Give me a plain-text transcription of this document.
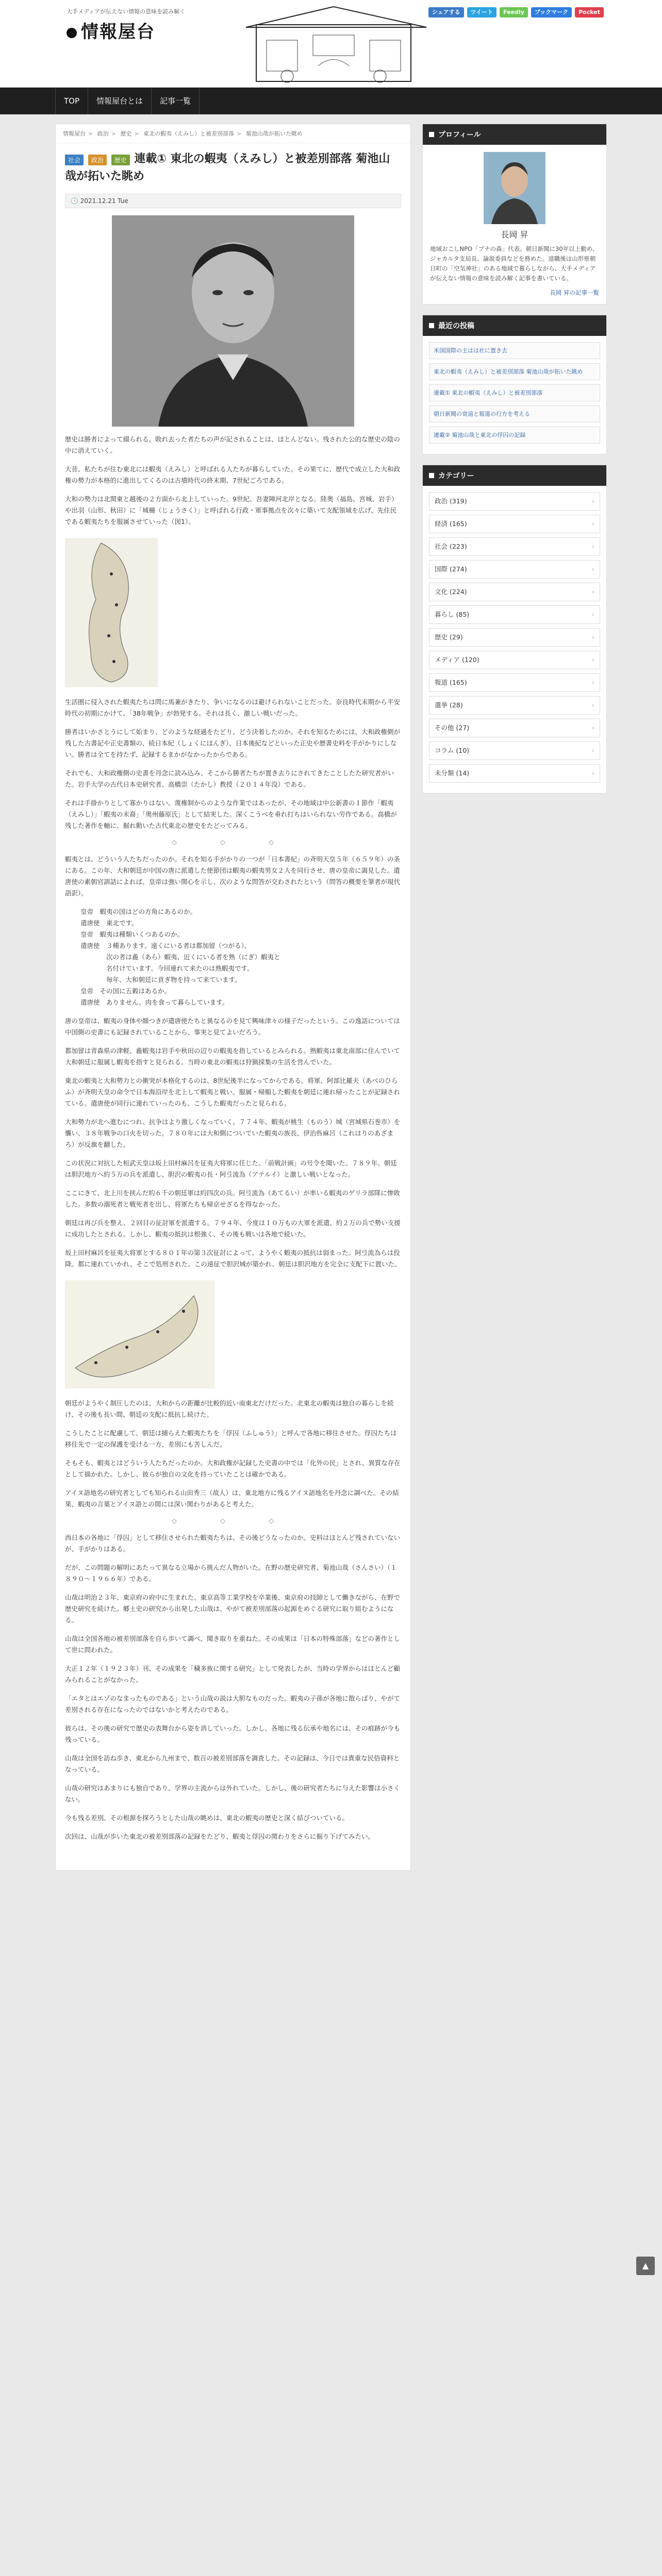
大手メディアが伝えない情報の意味を読み解く
情報屋台
シェアする	ツイート	Feedly	ブックマーク	Pocket
TOP	情報屋台とは	記事一覧
情報屋台 > 政治 > 歴史 > 東北の蝦夷（えみし）と被差別部落 > 菊池山哉が拓いた眺め
社会 政治 歴史 連載① 東北の蝦夷（えみし）と被差別部落 菊池山哉が拓いた眺め
🕓 2021.12.21 Tue

歴史は勝者によって綴られる。敗れ去った者たちの声が記されることは、ほとんどない。残された公的な歴史の陰の中に消えていく。

大昔、私たちが住む東北には蝦夷（えみし）と呼ばれる人たちが暮らしていた。その果てに、歴代で成立した大和政権の勢力が本格的に進出してくるのは古墳時代の終末期、7世紀ごろである。

大和の勢力は北関東と越後の２方面から北上していった。9世紀、吾妻陣河北岸となる。陸奥（福島、宮城、岩手）や出羽（山形、秋田）に「城柵（じょうさく）」と呼ばれる行政・軍事拠点を次々に築いて支配領域を広げ、先住民である蝦夷たちを服属させていった（図1）。

生活圏に侵入された蝦夷たちは問に馬兼がきたり、争いになるのは避けられないことだった。奈良時代末期から平安時代の初期にかけて、「38年戦争」が勃発する。それは長く、激しい戦いだった。

勝者はいかさとうにして始まり、どのような経過をたどり、どう決着したのか。それを知るためには、大和政権側が残した古書記や正史書類の、続日本紀（しょくにほんぎ）、日本後紀などといった正史や歴書史料を手がかりにしない。勝者は全てを持たず、記録するまかがなかったからである。

それでも、大和政権側の史書を丹念に読み込み、そこから勝者たちが置き去りにされてきたことしたた研究者がいた。岩手大学の古代日本史研究者、高橋崇（たかし）教授（２０１４年没）である。

それは手掛かりとして寡かりはない。蔑権制からのような作業ではあったが、その地域は中公新書の１節作「蝦夷（えみし）」「蝦夷の末裔」「奥州藤原氏」として結実した。深くこうべを垂れ打ちはいられない労作である。高橋が残した著作を軸に、掘れ動いた古代東北の歴史をたどってみる。

◇ ◇ ◇

蝦夷とは、どういう人たちだったのか。それを知る手がかりの一つが「日本書紀」の斉明天皇５年（６５９年）の条にある。この年、大和朝廷が中国の唐に派遣した使節団は蝦夷の蝦夷男女２人を同行させ、唐の皇帝に謁見した。遣唐使の素朝官訓話によれば、皇帝は強い関心を示し、次のような問答が交わされたという（問答の概要を筆者が現代語訳）。

皇帝　蝦夷の国はどの方角にあるのか。
遣唐使　東北です。
皇帝　蝦夷は種類いくつあるのか。
遣唐使　３種あります。遠くにいる者は都加留（つがる）、
　　　　次の者は麁（あら）蝦夷、近くにいる者を熟（にぎ）蝦夷と
　　　　名付けています。今回連れて来たのは熟蝦夷です。
　　　　毎年、大和朝廷に貢ぎ物を持って来ています。
皇帝　その国に五穀はあるか。
遣唐使　ありません。肉を食って暮らしています。

唐の皇帝は、蝦夷の身体や顔つきが遣唐使たちと異なるのを見て興味津々の様子だったという。この逸話については中国側の史書にも記録されていることから、事実と見てよいだろう。

都加留は青森県の津軽、麁蝦夷は岩手や秋田の辺りの蝦夷を指しているとみられる。熟蝦夷は東北南部に住んでいて大和朝廷に服属し蝦夷を指すと見られる。当時の東北の蝦夷は狩猟採集の生活を営んでいた。

東北の蝦夷と大和勢力との衝突が本格化するのは、8世紀後半になってからである。将軍、阿部比羅夫（あべのひらふ）が斉明天皇の命令で日本海沿岸を北上して蝦夷と戦い、服属・帰順した蝦夷を朝廷に連れ帰ったことが記録されている。遣唐使が同行に連れていったのも、こうした蝦夷だったと見られる。

大和勢力が北へ進むにつれ、抗争はより激しくなっていく。７７４年、蝦夷が桃生（ものう）城（宮城県石巻市）を襲い、３８年戦争の口火を切った。７８０年には大和側についていた蝦夷の族長、伊治呰麻呂（これはりのあざまろ）が反旗を翻した。

この状況に対抗した桓武天皇は坂上田村麻呂を征夷大将軍に任じた。「前戦計画」の号令を聞いた。７８９年、朝廷は胆沢地方へ約５万の兵を派遣し、胆沢の蝦夷の長・阿弖流為（アテルイ）と激しい戦いとなった。

ここにきて、北上川を挟んだ約６千の朝廷軍は約四次の兵。阿弖流為（あてるい）が率いる蝦夷のゲリラ部隊に惨敗した。多数の溺死者と戦死者を出し、将軍たちも帰京せざるを得なかった。

朝廷は再び兵を整え、２回目の征討軍を派遣する。７９４年、今度は１０万もの大軍を派遣、約２万の兵で勢い支援に成功したとされる。しかし、蝦夷の抵抗は根強く、その後も戦いは各地で続いた。

坂上田村麻呂を征夷大将軍とする８０１年の第３次征討によって、ようやく蝦夷の抵抗は弱まった。阿弖流為らは投降。都に連れていかれ、そこで処刑された。この遠征で胆沢城が築かれ、朝廷は胆沢地方を完全に支配下に置いた。

朝廷がようやく制圧したのは、大和からの距離が比較的近い南東北だけだった。北東北の蝦夷は独自の暮らしを続け、その後も長い間、朝廷の支配に抵抗し続けた。

こうしたことに配慮して、朝廷は捕らえた蝦夷たちを「俘囚（ふしゅう）」と呼んで各地に移住させた。俘囚たちは移住先で一定の保護を受ける一方、差別にも苦しんだ。

そもそも、蝦夷とはどういう人たちだったのか。大和政権が記録した史書の中では「化外の民」とされ、異質な存在として描かれた。しかし、彼らが独自の文化を持っていたことは確かである。

アイヌ語地名の研究者としても知られる山田秀三（故人）は、東北地方に残るアイヌ語地名を丹念に調べた。その結果、蝦夷の言葉とアイヌ語との間には深い関わりがあると考えた。

◇ ◇ ◇

西日本の各地に「俘囚」として移住させられた蝦夷たちは、その後どうなったのか。史料はほとんど残されていないが、手がかりはある。

だが、この問題の解明にあたって異なる立場から挑んだ人物がいた。在野の歴史研究者、菊池山哉（さんさい）（１８９０〜１９６６年）である。

山哉は明治２３年、東京府の府中に生まれた。東京高等工業学校を卒業後、東京府の技師として働きながら、在野で歴史研究を続けた。郷土史の研究から出発した山哉は、やがて被差別部落の起源をめぐる研究に取り組むようになる。

山哉は全国各地の被差別部落を自ら歩いて調べ、聞き取りを重ねた。その成果は「日本の特殊部落」などの著作として世に問われた。

大正１２年（１９２３年）刊、その成果を「穢多族に関する研究」として発表したが、当時の学界からはほとんど顧みられることがなかった。

「エタとはエゾのなまったものである」という山哉の説は大胆なものだった。蝦夷の子孫が各地に散らばり、やがて差別される存在になったのではないかと考えたのである。

彼らは、その後の研究で歴史の表舞台から姿を消していった。しかし、各地に残る伝承や地名には、その痕跡が今も残っている。

山哉は全国を訪ね歩き、東北から九州まで、数百の被差別部落を調査した。その記録は、今日では貴重な民俗資料となっている。

山哉の研究はあまりにも独自であり、学界の主流からは外れていた。しかし、後の研究者たちに与えた影響は小さくない。

今も残る差別。その根源を探ろうとした山哉の眺めは、東北の蝦夷の歴史と深く結びついている。

次回は、山哉が歩いた東北の被差別部落の記録をたどり、蝦夷と俘囚の関わりをさらに掘り下げてみたい。

プロフィール
長岡 昇
地域おこしNPO「ブナの森」代表。朝日新聞に30年以上勤め、ジャカルタ支局長、論説委員などを務めた。退職後は山形県朝日町の「空気神社」のある地域で暮らしながら、大手メディアが伝えない情報の意味を読み解く記事を書いている。
長岡 昇の記事一覧
最近の投稿
米国国際の主はは社に置き去
東北の蝦夷（えみし）と被差別部落 菊池山哉が拓いた眺め
連載① 東北の蝦夷（えみし）と被差別部落
朝日新聞の衰退と報道の行方を考える
連載② 菊池山哉と東北の俘囚の記録
カテゴリー
政治 (319)	›
経済 (165)	›
社会 (223)	›
国際 (274)	›
文化 (224)	›
暮らし (85)	›
歴史 (29)	›
メディア (120)	›
報道 (165)	›
選挙 (28)	›
その他 (27)	›
コラム (10)	›
未分類 (14)	›
▲
